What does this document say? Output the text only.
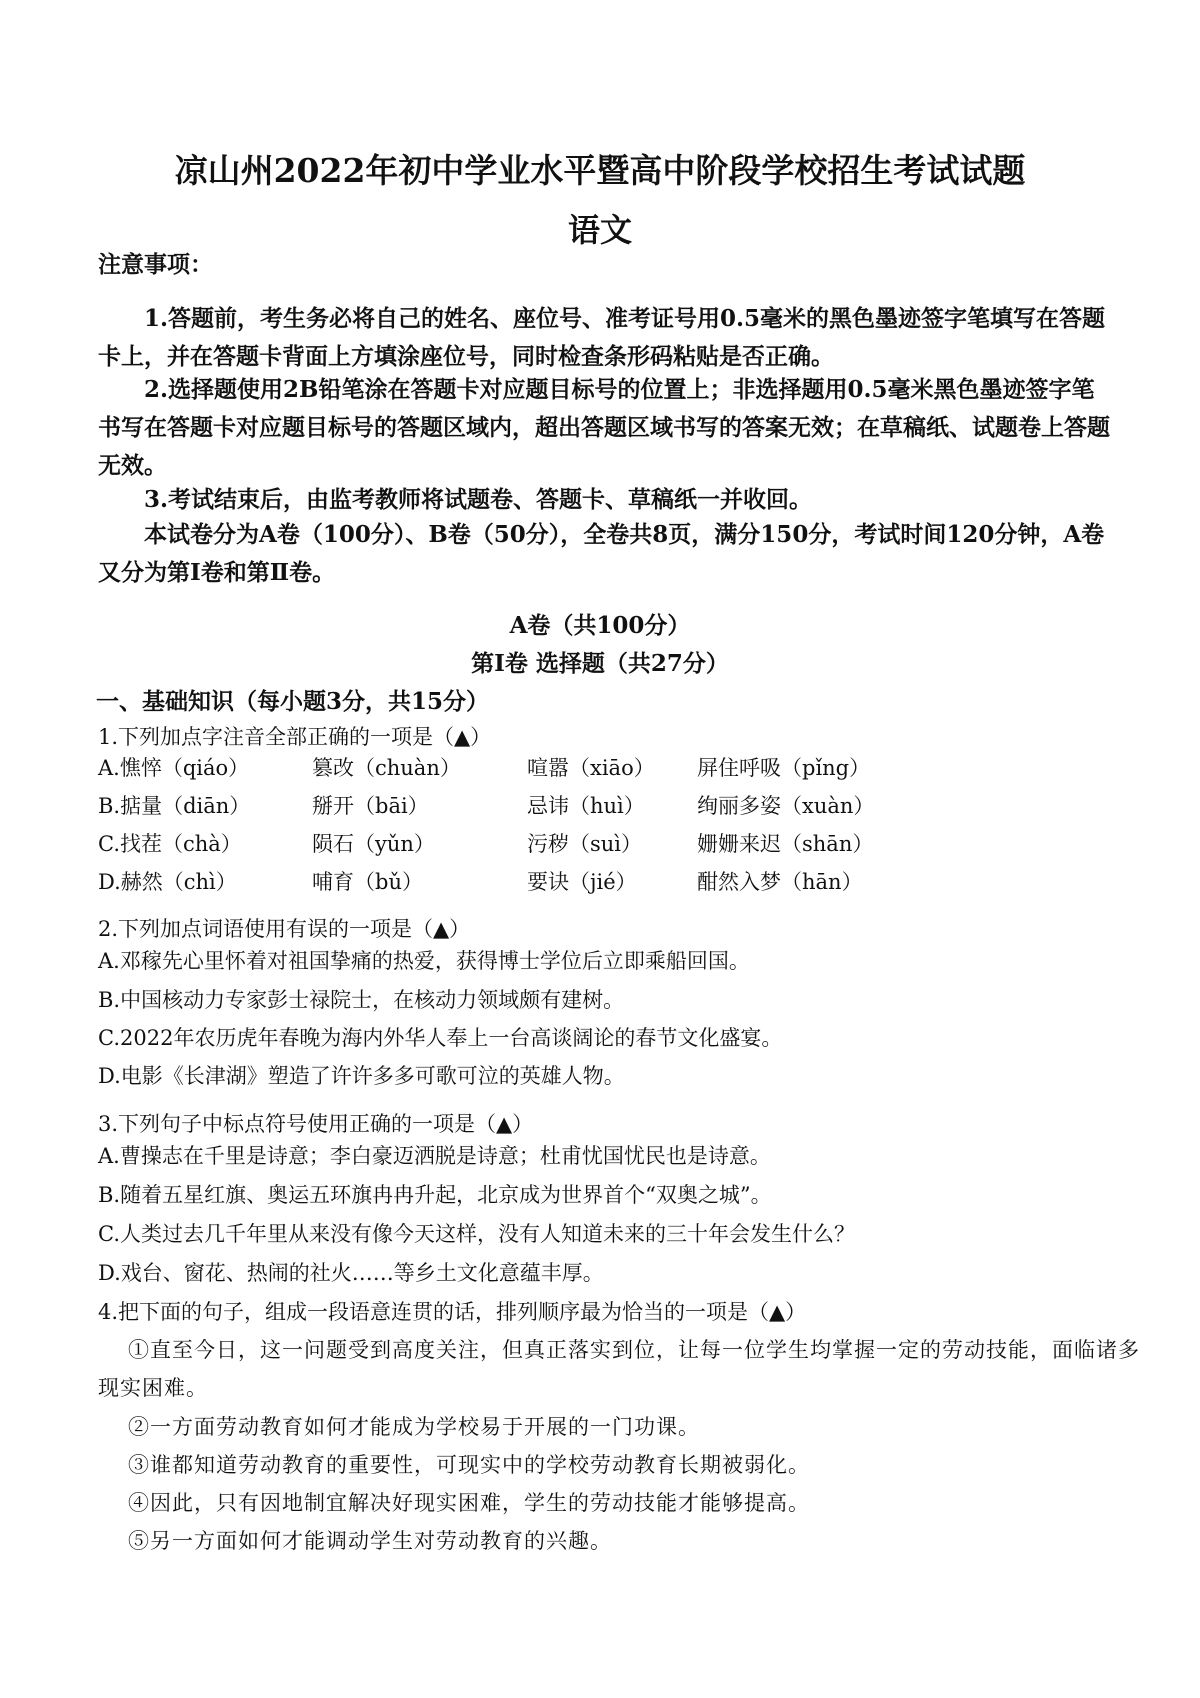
凉山州2022年初中学业水平暨高中阶段学校招生考试试题
语文
注意事项：
1.答题前，考生务必将自己的姓名、座位号、准考证号用0.5毫米的黑色墨迹签字笔填写在答题卡上，并在答题卡背面上方填涂座位号，同时检查条形码粘贴是否正确。
2.选择题使用2B铅笔涂在答题卡对应题目标号的位置上；非选择题用0.5毫米黑色墨迹签字笔书写在答题卡对应题目标号的答题区域内，超出答题区域书写的答案无效；在草稿纸、试题卷上答题无效。
3.考试结束后，由监考教师将试题卷、答题卡、草稿纸一并收回。
本试卷分为A卷（100分）、B卷（50分），全卷共8页，满分150分，考试时间120分钟，A卷又分为第Ⅰ卷和第Ⅱ卷。
A卷（共100分）
第Ⅰ卷 选择题（共27分）
一、基础知识（每小题3分，共15分）
1.下列加点字注音全部正确的一项是（▲）
A.憔悴（qiáo）	篡改（chuàn）	喧嚣（xiāo） 屏住呼吸（pǐng）
B.掂量（diān）	掰开（bāi）	忌讳（huì） 绚丽多姿（xuàn）
C.找茬（chà）	陨石（yǔn）	污秽（suì）	姗姗来迟（shān）
D.赫然（chì）	哺育（bǔ）	要诀（jié）	酣然入梦（hān）
2.下列加点词语使用有误的一项是（▲）
A.邓稼先心里怀着对祖国挚痛的热爱，获得博士学位后立即乘船回国。
B.中国核动力专家彭士禄院士，在核动力领域颇有建树。
C.2022年农历虎年春晚为海内外华人奉上一台高谈阔论的春节文化盛宴。
D.电影《长津湖》塑造了许许多多可歌可泣的英雄人物。
3.下列句子中标点符号使用正确的一项是（▲）
A.曹操志在千里是诗意；李白豪迈洒脱是诗意；杜甫忧国忧民也是诗意。
B.随着五星红旗、奥运五环旗冉冉升起，北京成为世界首个“双奥之城”。
C.人类过去几千年里从来没有像今天这样，没有人知道未来的三十年会发生什么？
D.戏台、窗花、热闹的社火……等乡土文化意蕴丰厚。
4.把下面的句子，组成一段语意连贯的话，排列顺序最为恰当的一项是（▲）
①直至今日，这一问题受到高度关注，但真正落实到位，让每一位学生均掌握一定的劳动技能，面临诸多
现实困难。
②一方面劳动教育如何才能成为学校易于开展的一门功课。
③谁都知道劳动教育的重要性，可现实中的学校劳动教育长期被弱化。
④因此，只有因地制宜解决好现实困难，学生的劳动技能才能够提高。
⑤另一方面如何才能调动学生对劳动教育的兴趣。
